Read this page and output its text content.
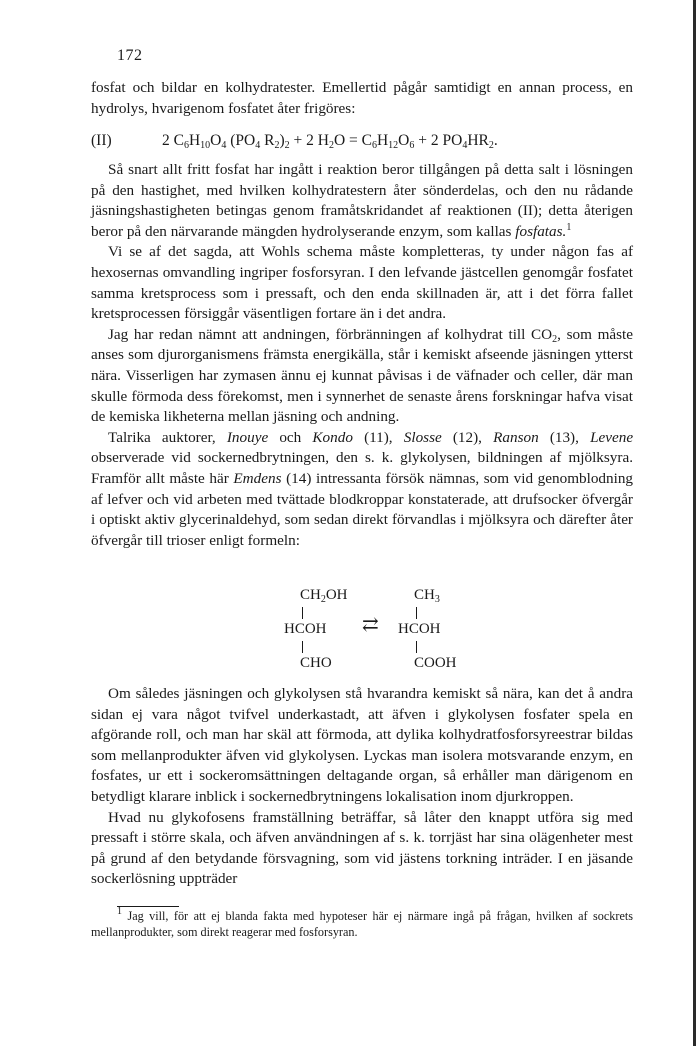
172

fosfat och bildar en kolhydratester. Emellertid pågår samtidigt en annan process, en hydrolys, hvarigenom fosfatet åter frigöres:

(II)	2 $C_6H_{10}O_4$ ($PO_4$ $R_2)_2 + 2$ $H_2O = C_6H_{12}O_6 + 2$ $PO_4HR_2$.

Så snart allt fritt fosfat har ingått i reaktion beror tillgången på detta salt i lösningen på den hastighet, med hvilken kolhydratestern åter sönderdelas, och den nu rådande jäsningshastigheten betingas genom framåtskridandet af reaktionen (II); detta återigen beror på den närvarande mängden hydrolyserande enzym, som kallas fosfatas.$^1$

Vi se af det sagda, att Wohls schema måste kompletteras, ty under någon fas af hexosernas omvandling ingriper fosforsyran. I den lefvande jästcellen genomgår fosfatet samma kretsprocess som i pressaft, och den enda skillnaden är, att i det förra fallet kretsprocessen försiggår väsentligen fortare än i det andra.

Jag har redan nämnt att andningen, förbränningen af kolhydrat till $CO_2$, som måste anses som djurorganismens främsta energikälla, står i kemiskt afseende jäsningen ytterst nära. Visserligen har zymasen ännu ej kunnat påvisas i de väfnader och celler, där man skulle förmoda dess förekomst, men i synnerhet de senaste årens forskningar hafva visat de kemiska likheterna mellan jäsning och andning.

Talrika auktorer, Inouye och Kondo (11), Slosse (12), Ranson (13), Levene observerade vid sockernedbrytningen, den s. k. glykolysen, bildningen af mjölksyra. Framför allt måste här Emdens (14) intressanta försök nämnas, som vid genomblodning af lefver och vid arbeten med tvättade blodkroppar konstaterade, att drufsocker öfvergår i optiskt aktiv glycerinaldehyd, som sedan direkt förvandlas i mjölksyra och därefter åter öfvergår till trioser enligt formeln:

$CH_2OH$
HCOH
CHO
⇄
$CH_3$
HCOH
COOH

Om således jäsningen och glykolysen stå hvarandra kemiskt så nära, kan det å andra sidan ej vara något tvifvel underkastadt, att äfven i glykolysen fosfater spela en afgörande roll, och man har skäl att förmoda, att dylika kolhydratfosforsyreestrar bildas som mellanprodukter äfven vid glykolysen. Lyckas man isolera motsvarande enzym, en fosfates, ur ett i sockeromsättningen deltagande organ, så erhåller man därigenom en betydligt klarare inblick i sockernedbrytningens lokalisation inom djurkroppen.

Hvad nu glykofosens framställning beträffar, så låter den knappt utföra sig med pressaft i större skala, och äfven användningen af s. k. torrjäst har sina olägenheter mest på grund af den betydande försvagning, som vid jästens torkning inträder. I en jäsande sockerlösning uppträder

$^1$ Jag vill, för att ej blanda fakta med hypoteser här ej närmare ingå på frågan, hvilken af sockrets mellanprodukter, som direkt reagerar med fosforsyran.
